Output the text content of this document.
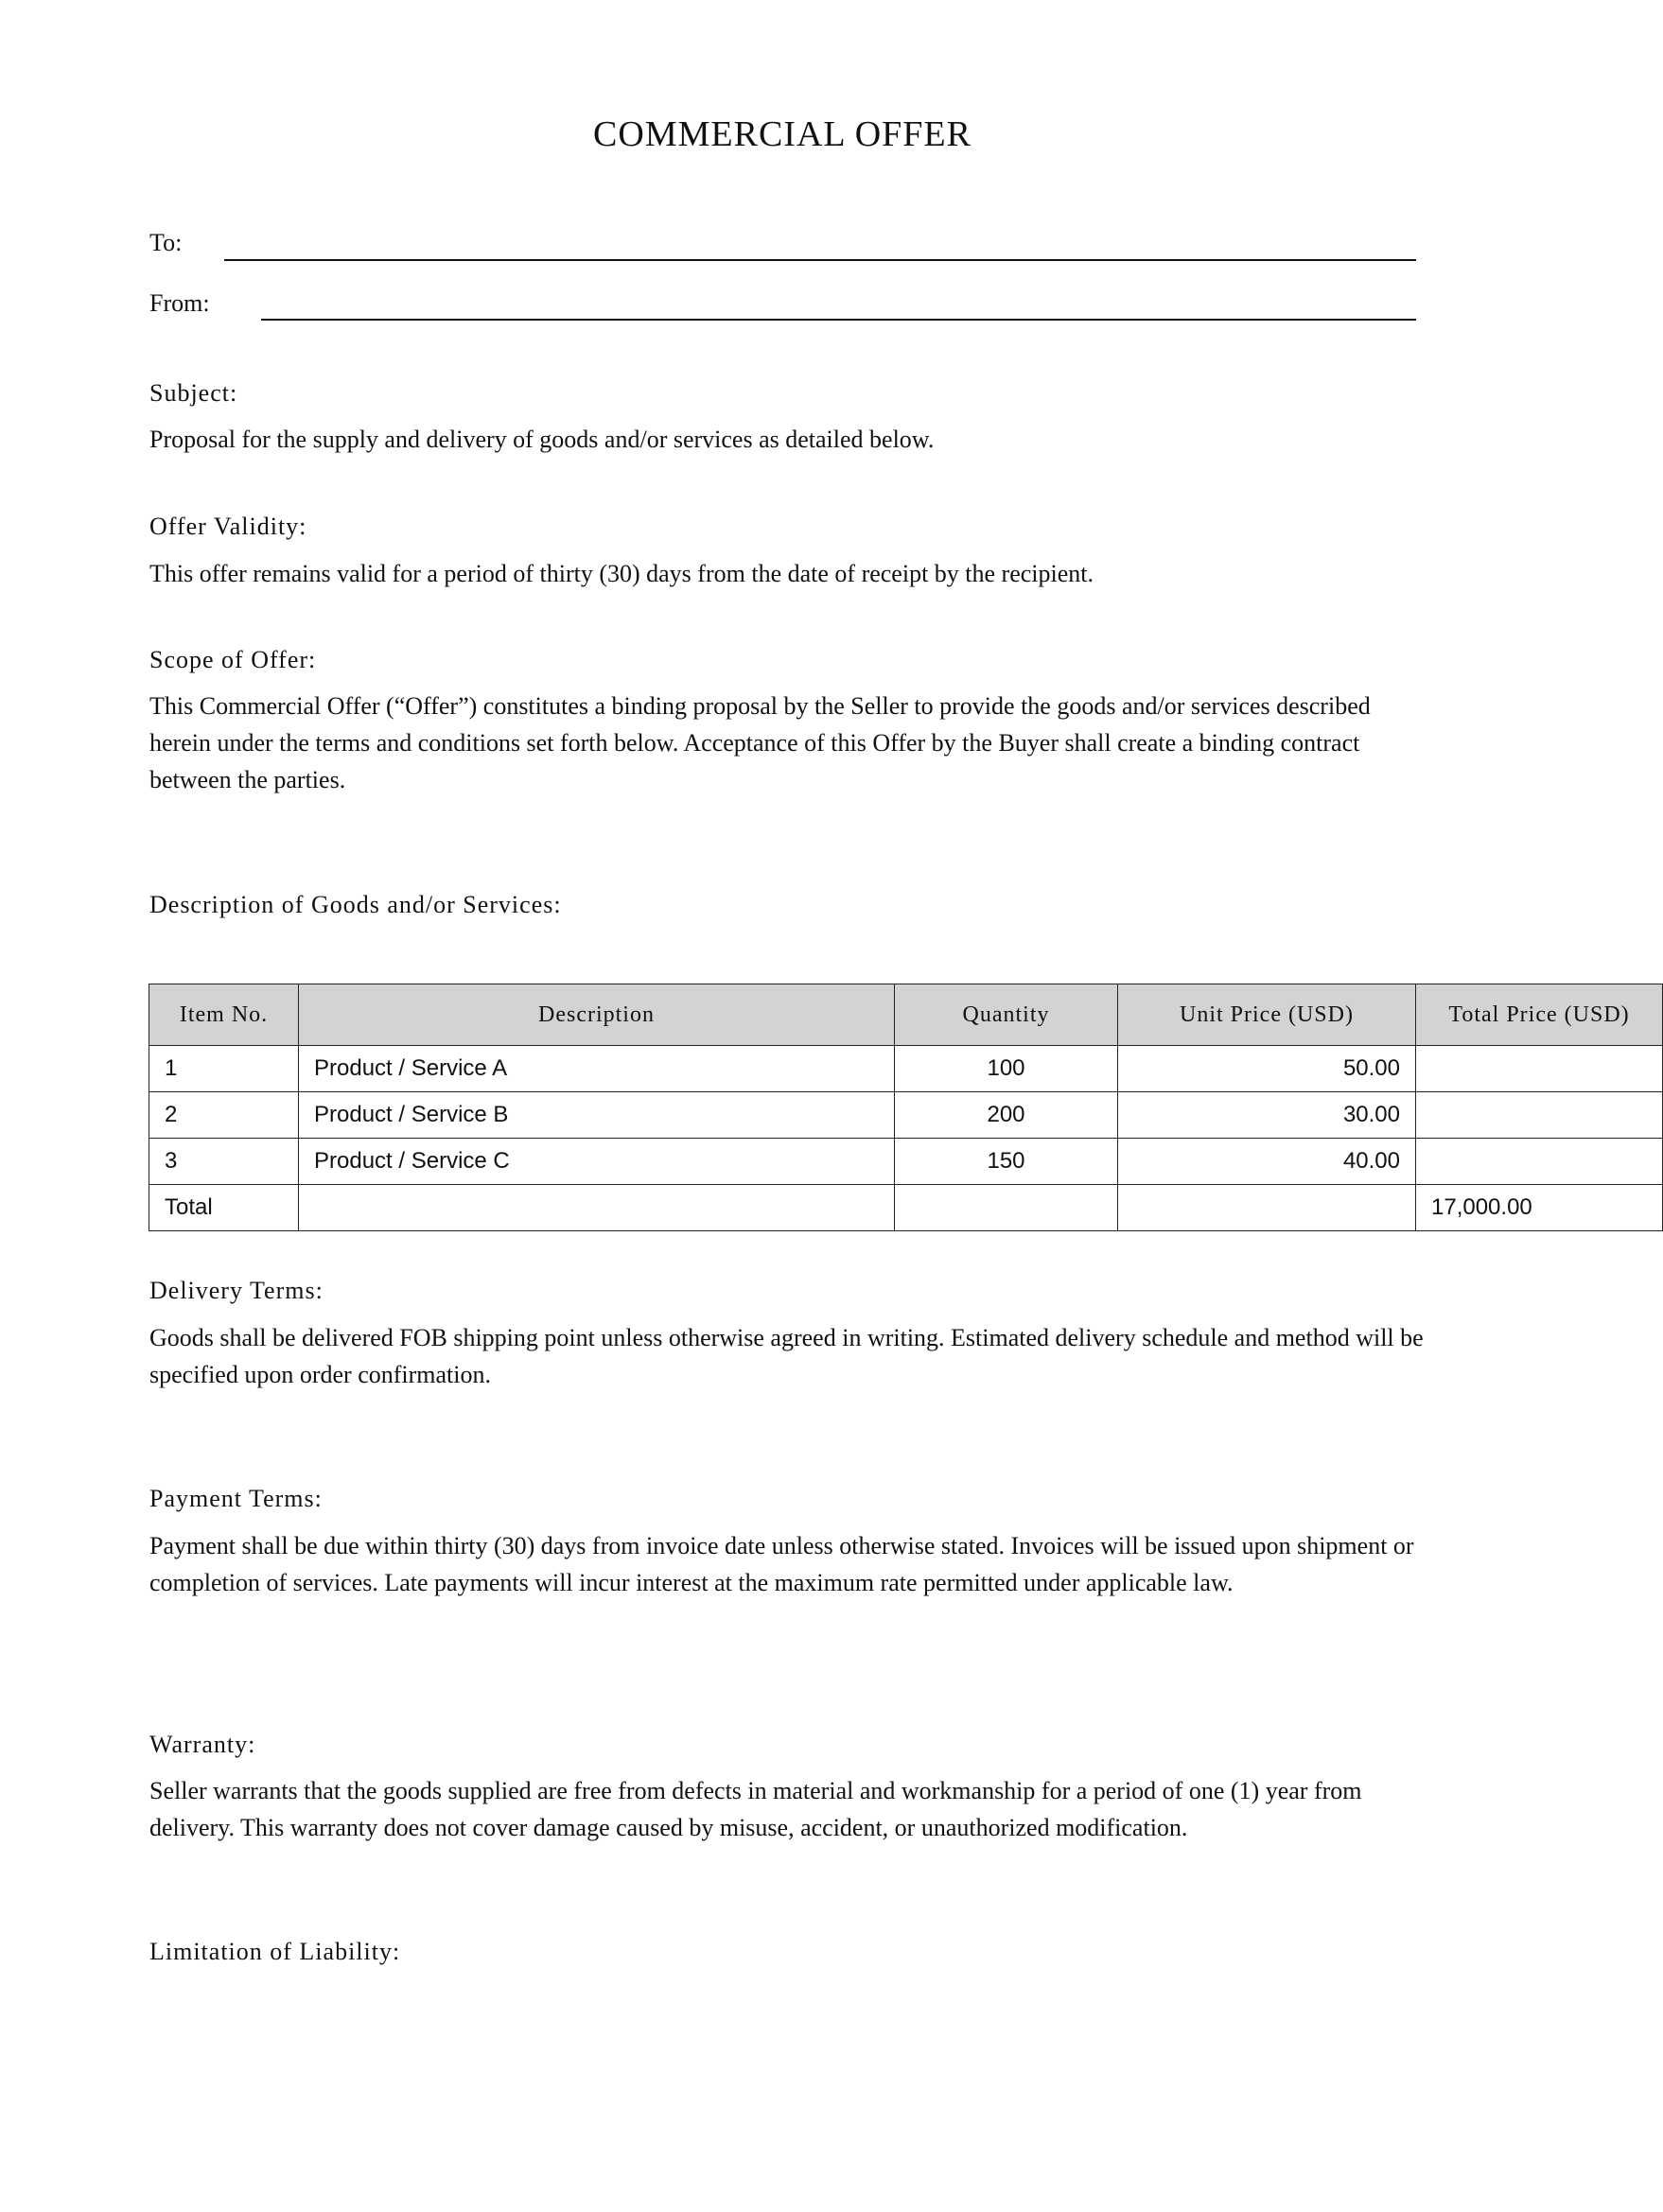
COMMERCIAL OFFER
To:
From:
Subject:
Proposal for the supply and delivery of goods and/or services as detailed below.
Offer Validity:
This offer remains valid for a period of thirty (30) days from the date of receipt by the recipient.
Scope of Offer:
This Commercial Offer (“Offer”) constitutes a binding proposal by the Seller to provide the goods and/or services described herein under the terms and conditions set forth below. Acceptance of this Offer by the Buyer shall create a binding contract between the parties.
Description of Goods and/or Services:
Item No.	Description	Quantity	Unit Price (USD)	Total Price (USD)
1	Product / Service A	100	50.00	
2	Product / Service B	200	30.00	
3	Product / Service C	150	40.00	
Total				17,000.00
Delivery Terms:
Goods shall be delivered FOB shipping point unless otherwise agreed in writing. Estimated delivery schedule and method will be specified upon order confirmation.
Payment Terms:
Payment shall be due within thirty (30) days from invoice date unless otherwise stated. Invoices will be issued upon shipment or completion of services. Late payments will incur interest at the maximum rate permitted under applicable law.
Warranty:
Seller warrants that the goods supplied are free from defects in material and workmanship for a period of one (1) year from delivery. This warranty does not cover damage caused by misuse, accident, or unauthorized modification.
Limitation of Liability:
